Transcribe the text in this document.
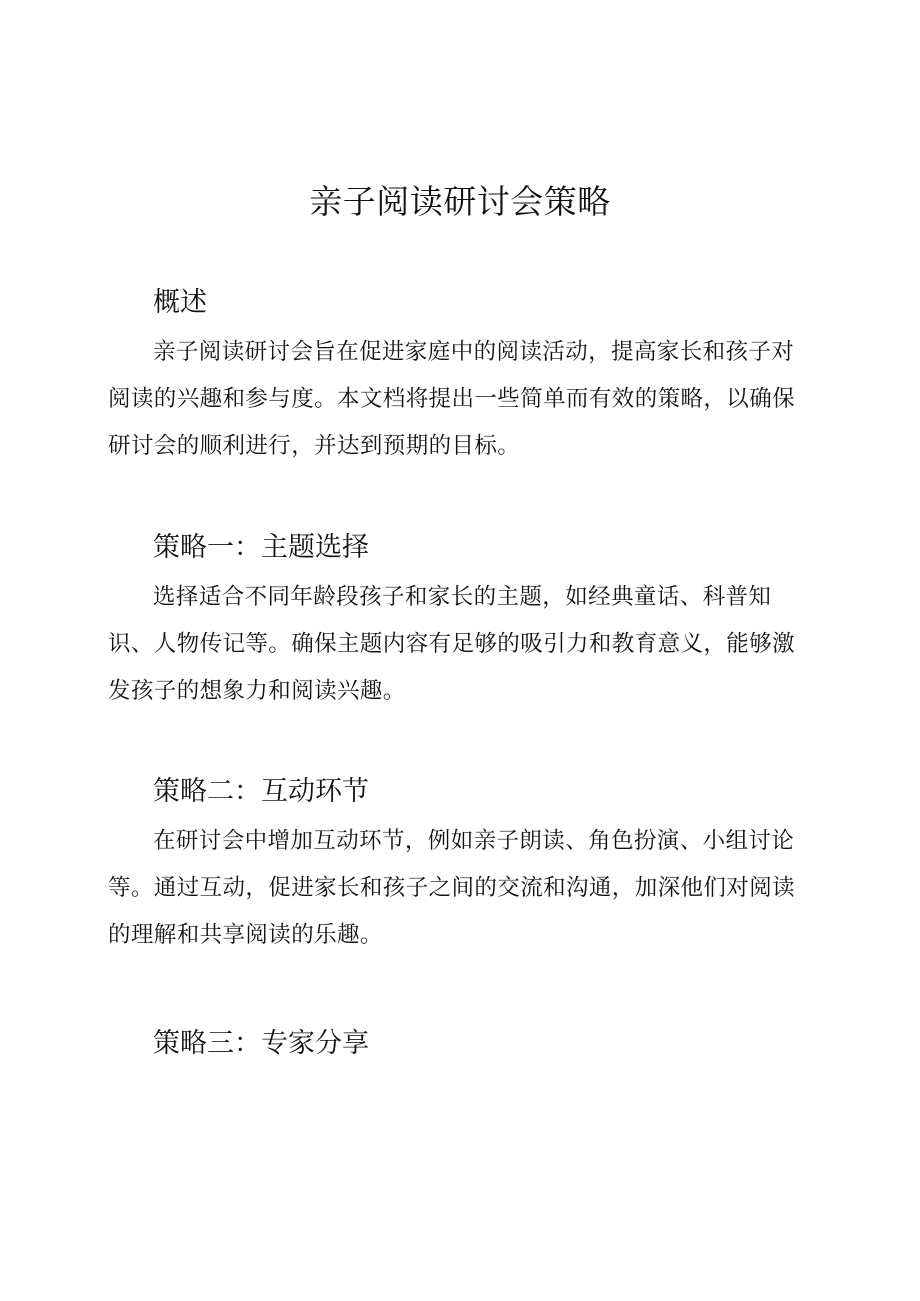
亲子阅读研讨会策略
概述

亲子阅读研讨会旨在促进家庭中的阅读活动，提高家长和孩子对阅读的兴趣和参与度。本文档将提出一些简单而有效的策略，以确保研讨会的顺利进行，并达到预期的目标。

策略一：主题选择

选择适合不同年龄段孩子和家长的主题，如经典童话、科普知识、人物传记等。确保主题内容有足够的吸引力和教育意义，能够激发孩子的想象力和阅读兴趣。

策略二：互动环节

在研讨会中增加互动环节，例如亲子朗读、角色扮演、小组讨论等。通过互动，促进家长和孩子之间的交流和沟通，加深他们对阅读的理解和共享阅读的乐趣。

策略三：专家分享
